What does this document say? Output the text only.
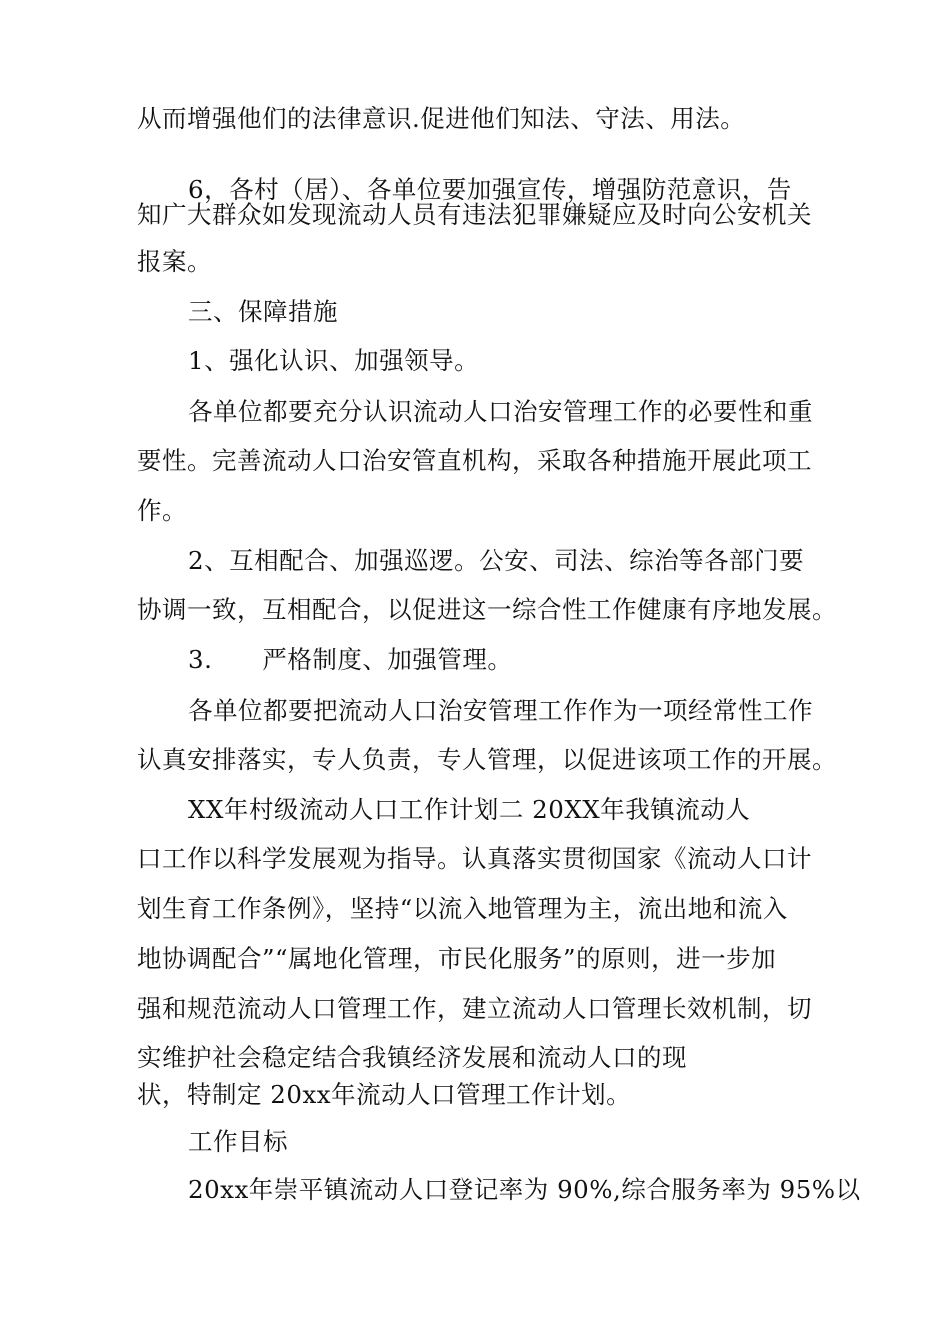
从而增强他们的法律意识.促进他们知法、守法、用法。
6，各村（居）、各单位要加强宣传，增强防范意识，告
知广大群众如发现流动人员有违法犯罪嫌疑应及时向公安机关
报案。
三、保障措施
1、强化认识、加强领导。
各单位都要充分认识流动人口治安管理工作的必要性和重
要性。完善流动人口治安管直机构，采取各种措施开展此项工
作。
2、互相配合、加强巡逻。公安、司法、综治等各部门要
协调一致，互相配合，以促进这一综合性工作健康有序地发展。
3.　　严格制度、加强管理。
各单位都要把流动人口治安管理工作作为一项经常性工作
认真安排落实，专人负责，专人管理，以促进该项工作的开展。
XX年村级流动人口工作计划二 20XX年我镇流动人
口工作以科学发展观为指导。认真落实贯彻国家《流动人口计
划生育工作条例》，坚持“以流入地管理为主，流出地和流入
地协调配合”“属地化管理，市民化服务”的原则，进一步加
强和规范流动人口管理工作，建立流动人口管理长效机制，切
实维护社会稳定结合我镇经济发展和流动人口的现
状，特制定 20xx年流动人口管理工作计划。
工作目标
20xx年崇平镇流动人口登记率为 90%,综合服务率为 95%以
